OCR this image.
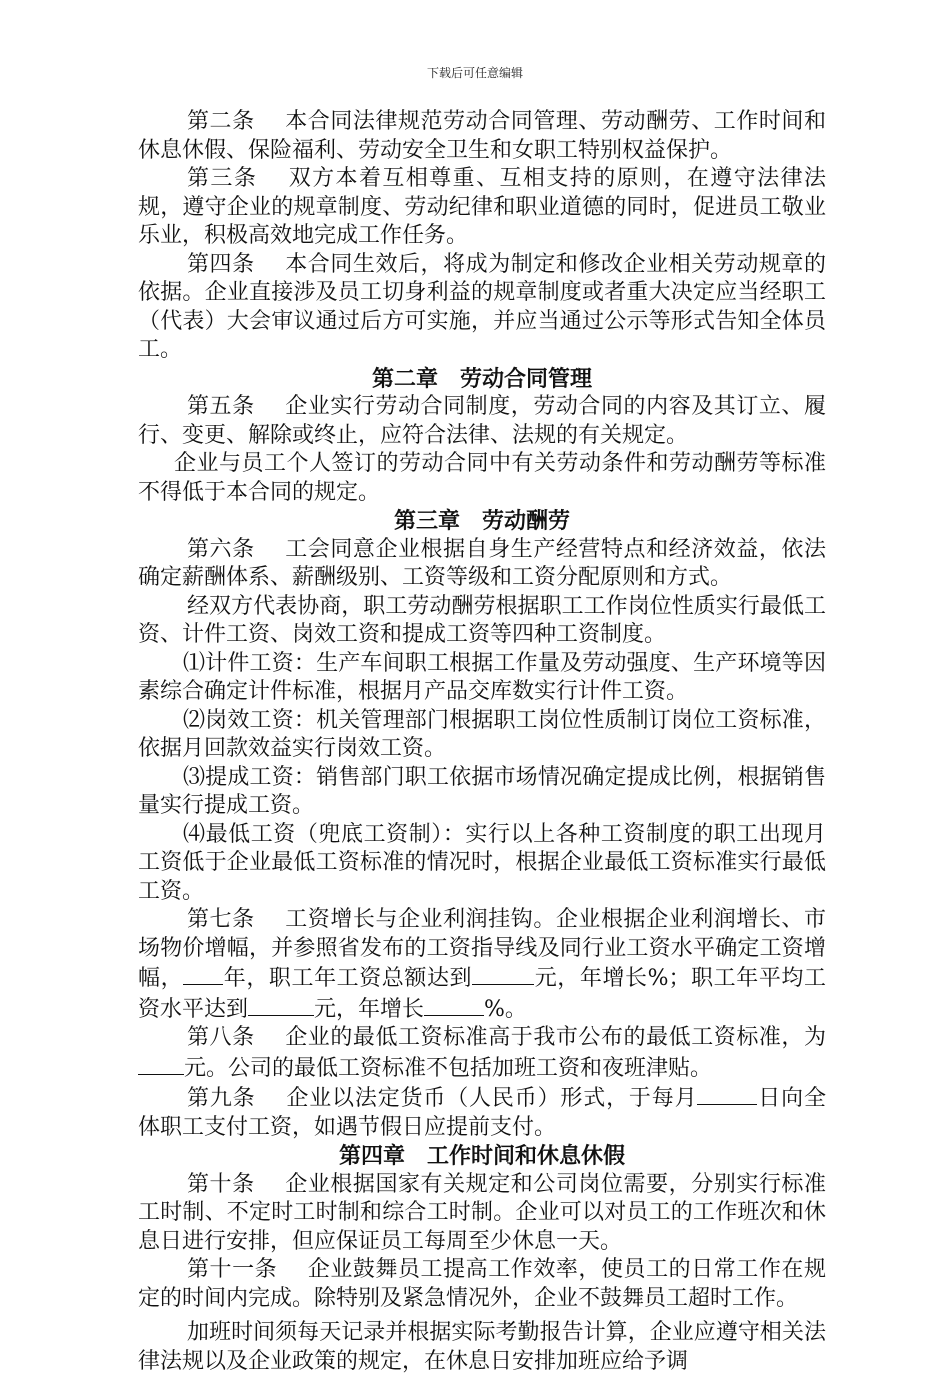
下载后可任意编辑

第二条 本合同法律规范劳动合同管理、劳动酬劳、工作时间和休息休假、保险福利、劳动安全卫生和女职工特别权益保护。

第三条 双方本着互相尊重、互相支持的原则，在遵守法律法规，遵守企业的规章制度、劳动纪律和职业道德的同时，促进员工敬业乐业，积极高效地完成工作任务。

第四条 本合同生效后，将成为制定和修改企业相关劳动规章的依据。企业直接涉及员工切身利益的规章制度或者重大决定应当经职工（代表）大会审议通过后方可实施，并应当通过公示等形式告知全体员工。

第二章　劳动合同管理

第五条 企业实行劳动合同制度，劳动合同的内容及其订立、履行、变更、解除或终止，应符合法律、法规的有关规定。

企业与员工个人签订的劳动合同中有关劳动条件和劳动酬劳等标准不得低于本合同的规定。

第三章　劳动酬劳

第六条 工会同意企业根据自身生产经营特点和经济效益，依法确定薪酬体系、薪酬级别、工资等级和工资分配原则和方式。

经双方代表协商，职工劳动酬劳根据职工工作岗位性质实行最低工资、计件工资、岗效工资和提成工资等四种工资制度。

⑴计件工资：生产车间职工根据工作量及劳动强度、生产环境等因素综合确定计件标准，根据月产品交库数实行计件工资。

⑵岗效工资：机关管理部门根据职工岗位性质制订岗位工资标准，依据月回款效益实行岗效工资。

⑶提成工资：销售部门职工依据市场情况确定提成比例，根据销售量实行提成工资。

⑷最低工资（兜底工资制）：实行以上各种工资制度的职工出现月工资低于企业最低工资标准的情况时，根据企业最低工资标准实行最低工资。

第七条 工资增长与企业利润挂钩。企业根据企业利润增长、市场物价增幅，并参照省发布的工资指导线及同行业工资水平确定工资增幅， 年，职工年工资总额达到	元，年增长%；职工年平均工资水平达到	元，年增长	%。

第八条 企业的最低工资标准高于我市公布的最低工资标准，为元。公司的最低工资标准不包括加班工资和夜班津贴。

第九条 企业以法定货币（人民币）形式，于每月	日向全体职工支付工资，如遇节假日应提前支付。

第四章　工作时间和休息休假

第十条 企业根据国家有关规定和公司岗位需要，分别实行标准工时制、不定时工时制和综合工时制。企业可以对员工的工作班次和休息日进行安排，但应保证员工每周至少休息一天。

第十一条 企业鼓舞员工提高工作效率，使员工的日常工作在规定的时间内完成。除特别及紧急情况外，企业不鼓舞员工超时工作。

加班时间须每天记录并根据实际考勤报告计算，企业应遵守相关法律法规以及企业政策的规定，在休息日安排加班应给予调
